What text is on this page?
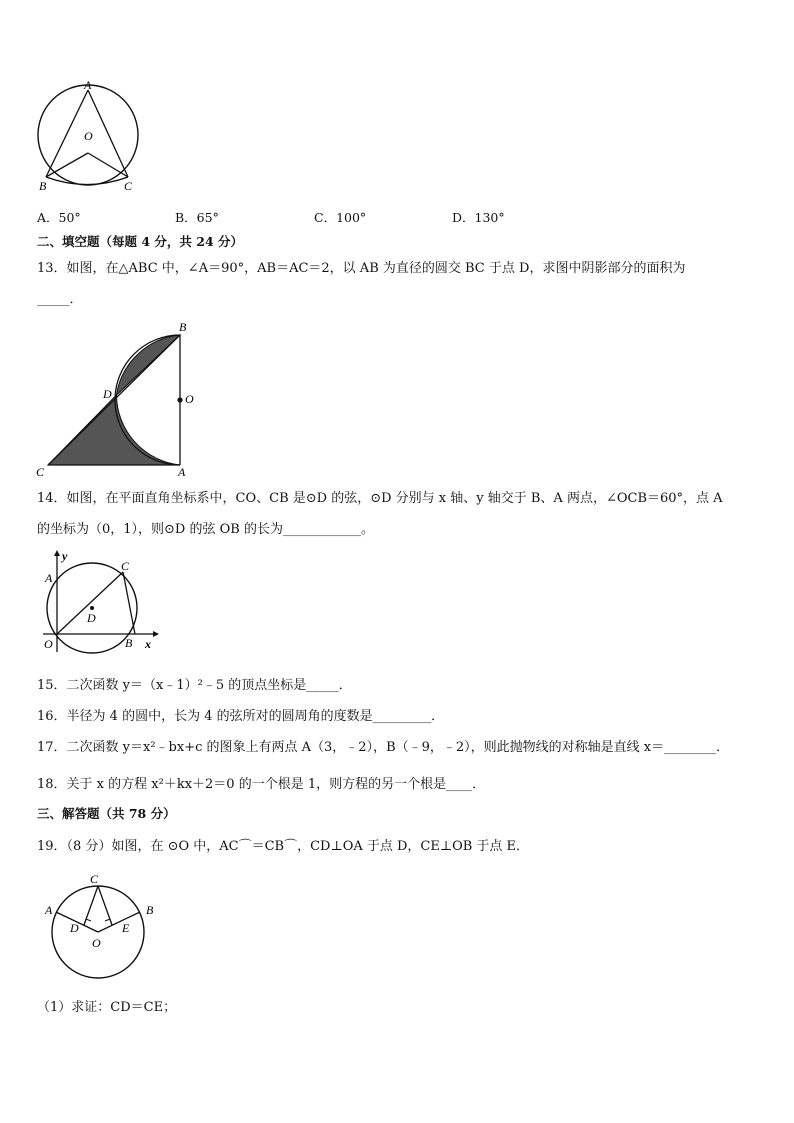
A
O
B	C
A．50°	B．65°	C．100°	D．130°
二、填空题（每题 4 分，共 24 分）
13．如图，在△ABC 中，∠A＝90°，AB＝AC＝2，以 AB 为直径的圆交 BC 于点 D，求图中阴影部分的面积为
_____．
B
D	O
C	A
14．如图，在平面直角坐标系中，CO、CB 是⊙D 的弦，⊙D 分别与 x 轴、y 轴交于 B、A 两点，∠OCB＝60°，点 A
的坐标为（0，1），则⊙D 的弦 OB 的长为____________。
y
A
C
D
O	B x
15．二次函数 y＝（x﹣1）²﹣5 的顶点坐标是_____．
16．半径为 4 的圆中，长为 4 的弦所对的圆周角的度数是_________．
17．二次函数 y＝x²﹣bx+c 的图象上有两点 A（3，﹣2），B（﹣9，﹣2），则此抛物线的对称轴是直线 x＝________．
18．关于 x 的方程 x²＋kx＋2＝0 的一个根是 1，则方程的另一个根是____．
三、解答题（共 78 分）
19．（8 分）如图，在 ⊙O 中，AC⌒＝CB⌒，CD⊥OA 于点 D，CE⊥OB 于点 E．
C
A	B
D	E
O
（1）求证：CD＝CE；
